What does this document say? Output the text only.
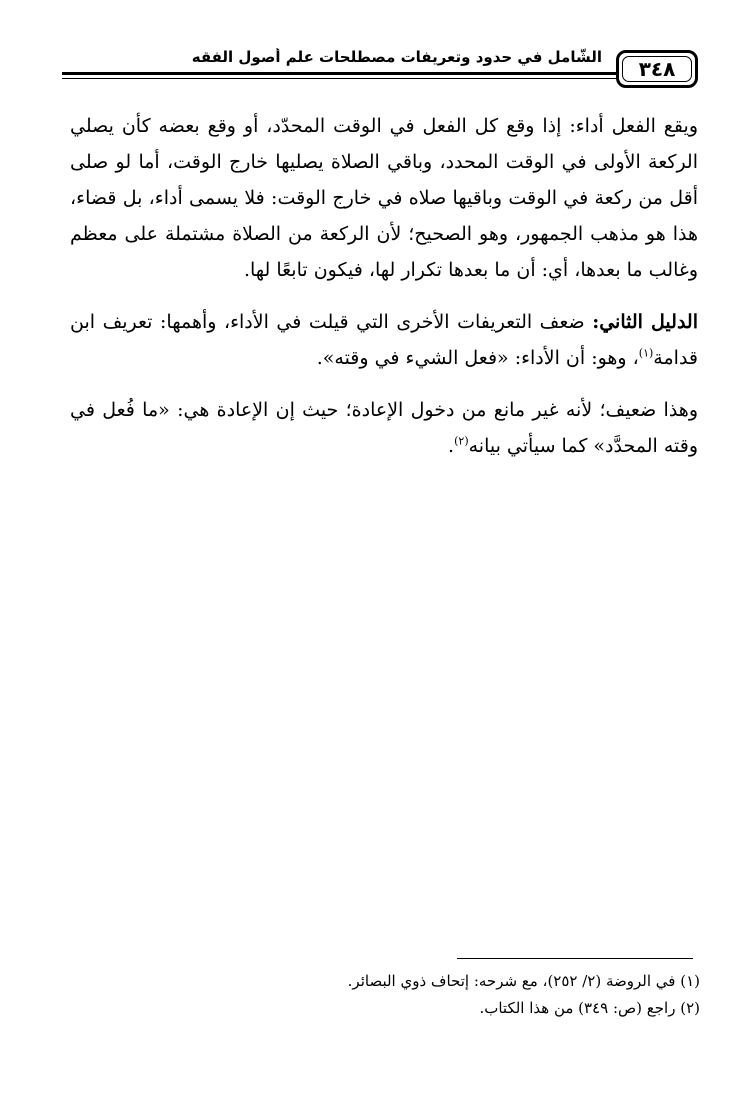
٣٤٨
الشَّامل في حدود وتعريفات مصطلحات علم أصول الفقه

ويقع الفعل أداء: إذا وقع كل الفعل في الوقت المحدّد، أو وقع بعضه كأن يصلي الركعة الأولى في الوقت المحدد، وباقي الصلاة يصليها خارج الوقت، أما لو صلى أقل من ركعة في الوقت وباقيها صلاه في خارج الوقت: فلا يسمى أداء، بل قضاء، هذا هو مذهب الجمهور، وهو الصحيح؛ لأن الركعة من الصلاة مشتملة على معظم وغالب ما بعدها، أي: أن ما بعدها تكرار لها، فيكون تابعًا لها.

الدليل الثاني: ضعف التعريفات الأخرى التي قيلت في الأداء، وأهمها: تعريف ابن قدامة$^{(١)}$، وهو: أن الأداء: «فعل الشيء في وقته».

وهذا ضعيف؛ لأنه غير مانع من دخول الإعادة؛ حيث إن الإعادة هي: «ما فُعل في وقته المحدَّد» كما سيأتي بيانه$^{(٢)}$.

(١) في الروضة (٢/ ٢٥٢)، مع شرحه: إتحاف ذوي البصائر.

(٢) راجع (ص: ٣٤٩) من هذا الكتاب.
